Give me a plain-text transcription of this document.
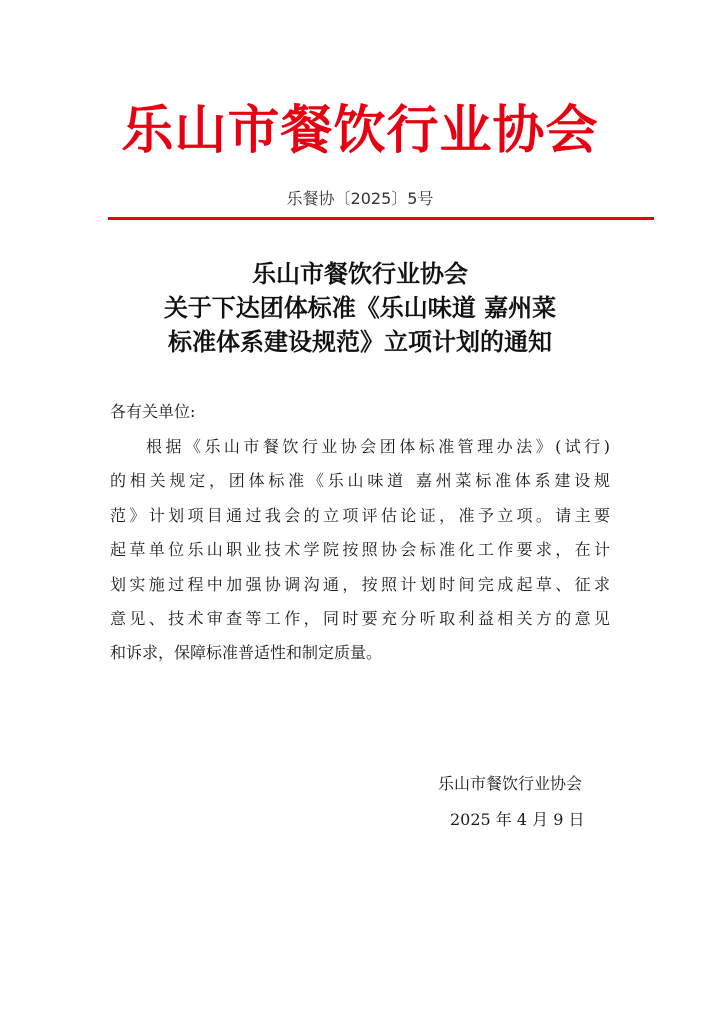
乐山市餐饮行业协会
乐餐协〔2025〕5号
乐山市餐饮行业协会
关于下达团体标准《乐山味道 嘉州菜
标准体系建设规范》立项计划的通知
各有关单位:
根据《乐山市餐饮行业协会团体标准管理办法》(试行)
的相关规定，团体标准《乐山味道 嘉州菜标准体系建设规
范》计划项目通过我会的立项评估论证，准予立项。请主要
起草单位乐山职业技术学院按照协会标准化工作要求，在计
划实施过程中加强协调沟通，按照计划时间完成起草、征求
意见、技术审查等工作，同时要充分听取利益相关方的意见
和诉求，保障标准普适性和制定质量。
乐山市餐饮行业协会
2025 年 4 月 9 日
